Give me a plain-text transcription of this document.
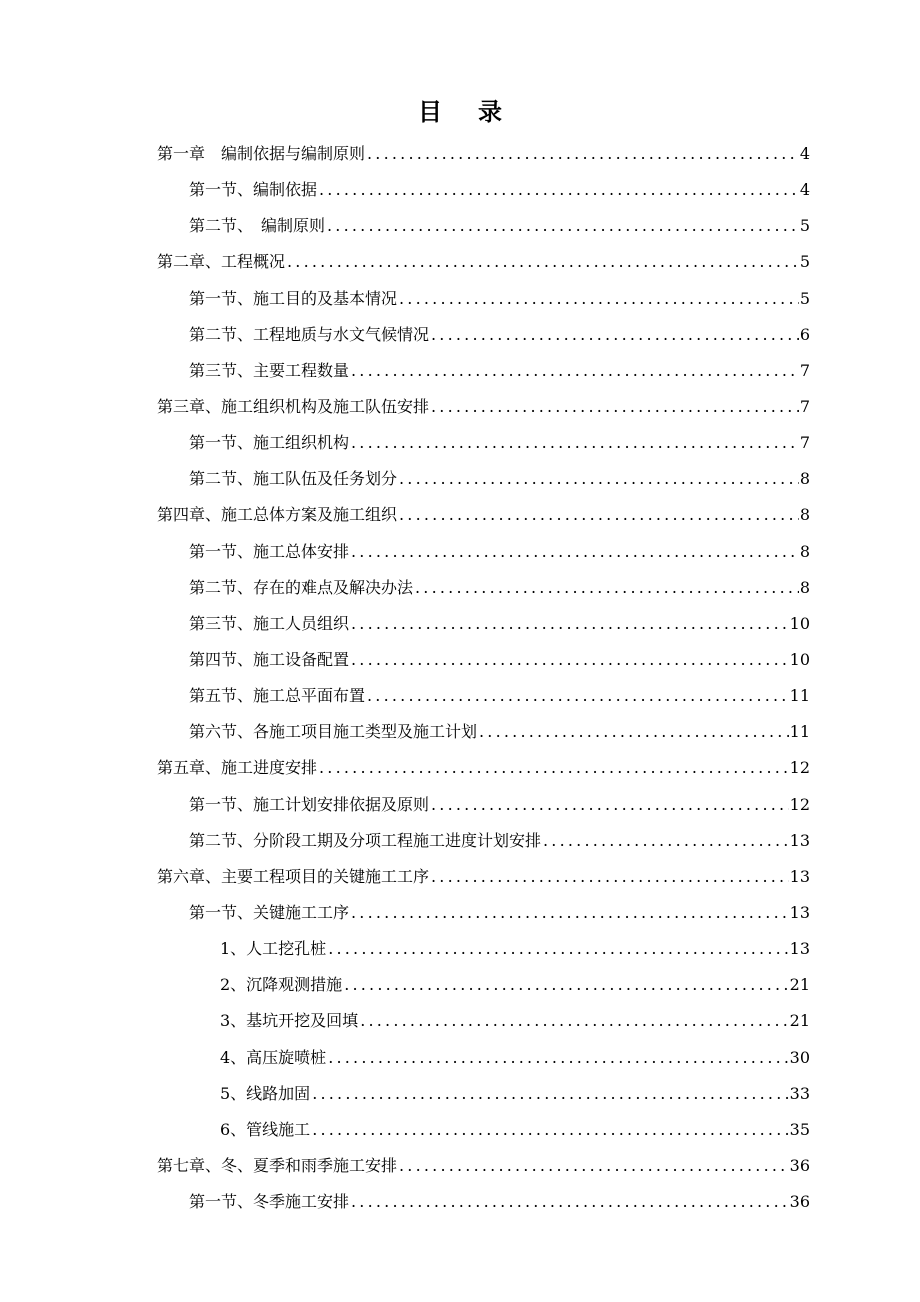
目 录
第一章　编制依据与编制原则 .....	4
第一节、编制依据 .....	4
第二节、　编制原则 .....	5
第二章、工程概况 .....	5
第一节、施工目的及基本情况 .....	5
第二节、工程地质与水文气候情况 .....	6
第三节、主要工程数量 .....	7
第三章、施工组织机构及施工队伍安排 .....	7
第一节、施工组织机构 .....	7
第二节、施工队伍及任务划分 .....	8
第四章、施工总体方案及施工组织 .....	8
第一节、施工总体安排 .....	8
第二节、存在的难点及解决办法 .....	8
第三节、施工人员组织 .....	10
第四节、施工设备配置 .....	10
第五节、施工总平面布置 .....	11
第六节、各施工项目施工类型及施工计划 .....	11
第五章、施工进度安排 .....	12
第一节、施工计划安排依据及原则 .....	12
第二节、分阶段工期及分项工程施工进度计划安排 .....	13
第六章、主要工程项目的关键施工工序 .....	13
第一节、关键施工工序 .....	13
1、人工挖孔桩 .....	13
2、沉降观测措施 .....	21
3、基坑开挖及回填 .....	21
4、高压旋喷桩 .....	30
5、线路加固 .....	33
6、管线施工 .....	35
第七章、冬、夏季和雨季施工安排 .....	36
第一节、冬季施工安排 .....	36
